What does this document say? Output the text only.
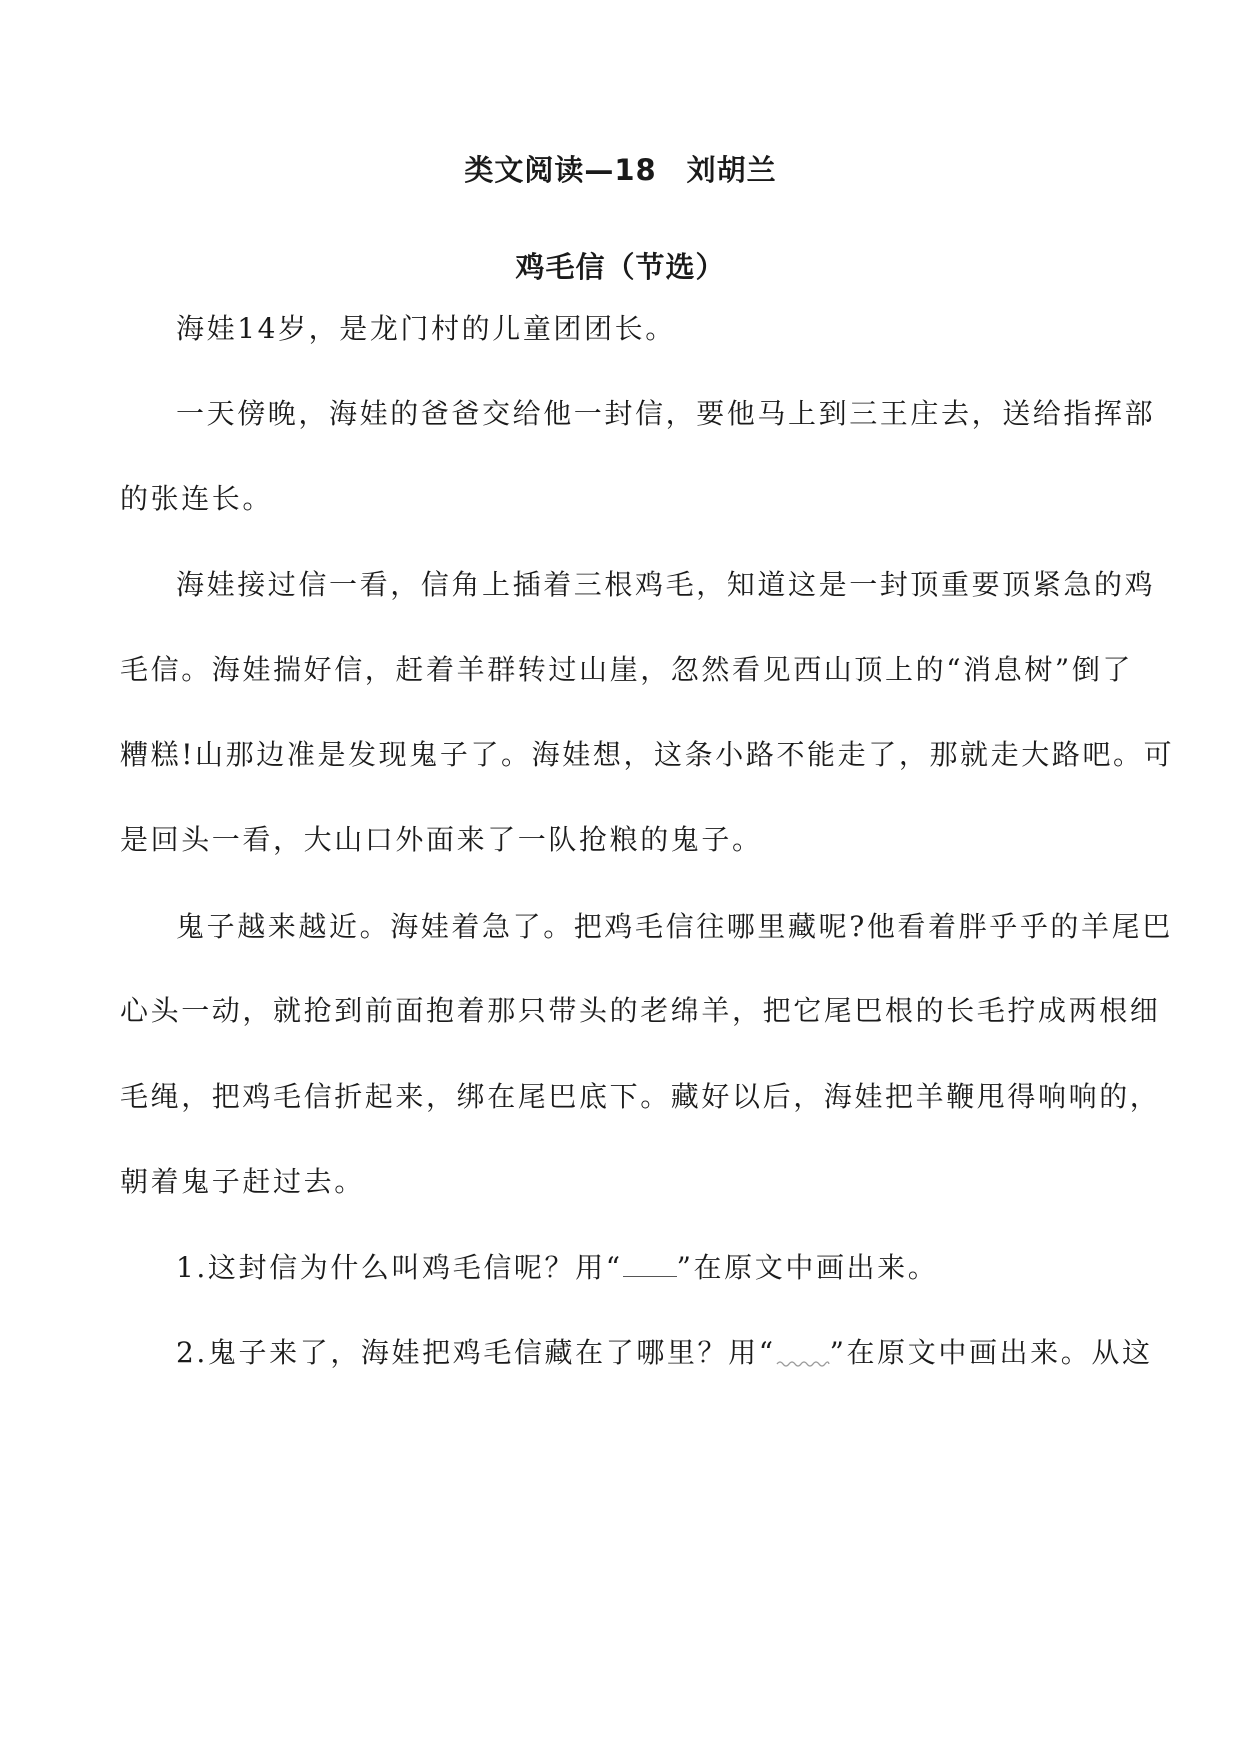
类文阅读—18　刘胡兰
鸡毛信（节选）
海娃14岁，是龙门村的儿童团团长。
一天傍晚，海娃的爸爸交给他一封信，要他马上到三王庄去，送给指挥部
的张连长。
海娃接过信一看，信角上插着三根鸡毛，知道这是一封顶重要顶紧急的鸡
毛信。海娃揣好信，赶着羊群转过山崖，忽然看见西山顶上的“消息树”倒了
糟糕!山那边准是发现鬼子了。海娃想，这条小路不能走了，那就走大路吧。可
是回头一看，大山口外面来了一队抢粮的鬼子。
鬼子越来越近。海娃着急了。把鸡毛信往哪里藏呢?他看着胖乎乎的羊尾巴
心头一动，就抢到前面抱着那只带头的老绵羊，把它尾巴根的长毛拧成两根细
毛绳，把鸡毛信折起来，绑在尾巴底下。藏好以后，海娃把羊鞭甩得响响的，
朝着鬼子赶过去。
1.这封信为什么叫鸡毛信呢？用“ ”在原文中画出来。
2.鬼子来了，海娃把鸡毛信藏在了哪里？用“ ”在原文中画出来。从这
